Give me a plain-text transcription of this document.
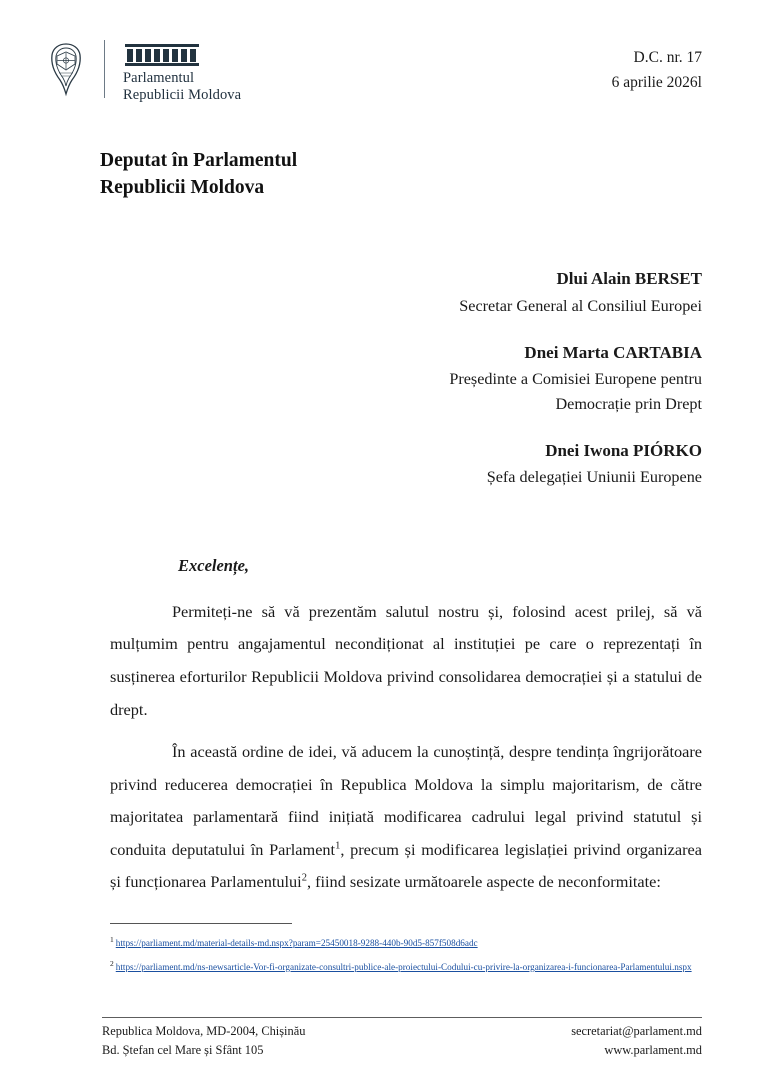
Parlamentul
Republicii Moldova
D.C. nr. 17
6 aprilie 2026l
Deputat în Parlamentul
Republicii Moldova
Dlui Alain BERSET
Secretar General al Consiliul Europei
Dnei Marta CARTABIA
Președinte a Comisiei Europene pentru
Democrație prin Drept
Dnei Iwona PIÓRKO
Șefa delegației Uniunii Europene
Excelențe,

Permiteți-ne să vă prezentăm salutul nostru și, folosind acest prilej, să vă mulțumim pentru angajamentul necondiționat al instituției pe care o reprezentați în susținerea eforturilor Republicii Moldova privind consolidarea democrației și a statului de drept.

În această ordine de idei, vă aducem la cunoștință, despre tendința îngrijorătoare privind reducerea democrației în Republica Moldova la simplu majoritarism, de către majoritatea parlamentară fiind inițiată modificarea cadrului legal privind statutul și conduita deputatului în Parlament$^1$, precum și modificarea legislației privind organizarea și funcționarea Parlamentului$^2$, fiind sesizate următoarele aspecte de neconformitate:

$^1$ https://parliament.md/material-details-md.nspx?param=25450018-9288-440b-90d5-857f508d6adc
$^2$ https://parliament.md/ns-newsarticle-Vor-fi-organizate-consultri-publice-ale-proiectului-Codului-cu-privire-la-organizarea-i-funcionarea-Parlamentului.nspx
Republica Moldova, MD-2004, Chișinău
Bd. Ștefan cel Mare și Sfânt 105
secretariat@parlament.md
www.parlament.md
